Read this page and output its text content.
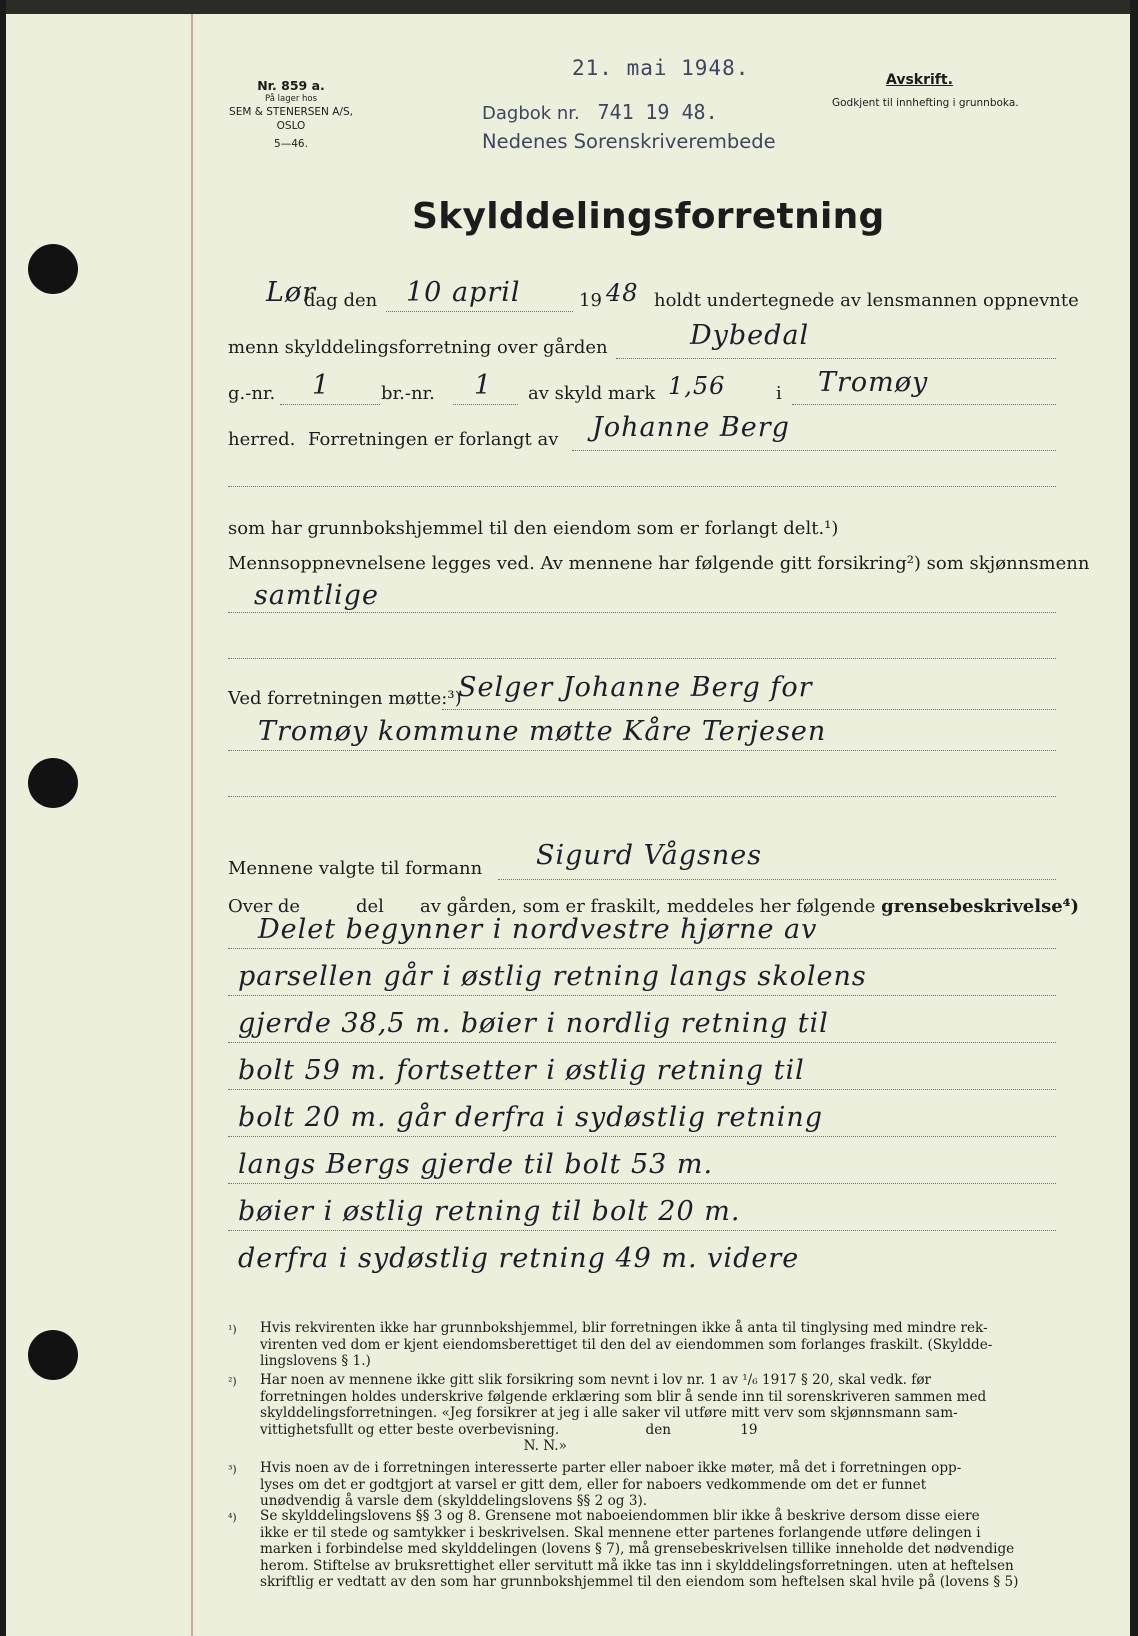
Nr. 859 a.
På lager hos
SEM & STENERSEN A/S, OSLO
5—46.
21. mai 1948.
Dagbok nr. 741 19 48.
Nedenes Sorenskriverembede
Avskrift.
Godkjent til innhefting i grunnboka.
Skylddelingsforretning
Lør
dag den 10 april	19 48 holdt undertegnede av lensmannen oppnevnte
menn skylddelingsforretning over gården	Dybedal
g.-nr. 1	br.-nr. 1 av skyld mark 1,56	i Tromøy
herred. Forretningen er forlangt av Johanne Berg
som har grunnbokshjemmel til den eiendom som er forlangt delt.¹)
Mennsoppnevnelsene legges ved. Av mennene har følgende gitt forsikring²) som skjønnsmenn
samtlige
Ved forretningen møtte:³)
Selger Johanne Berg for
Tromøy kommune møtte Kåre Terjesen
Mennene valgte til formann Sigurd Vågsnes
Over de	del av gården, som er fraskilt, meddeles her følgende grensebeskrivelse⁴)
Delet begynner i nordvestre hjørne av
parsellen går i østlig retning langs skolens
gjerde 38,5 m. bøier i nordlig retning til
bolt 59 m. fortsetter i østlig retning til
bolt 20 m. går derfra i sydøstlig retning
langs Bergs gjerde til bolt 53 m.
bøier i østlig retning til bolt 20 m.
derfra i sydøstlig retning 49 m. videre
¹) Hvis rekvirenten ikke har grunnbokshjemmel, blir forretningen ikke å anta til tinglysing med mindre rek-
virenten ved dom er kjent eiendomsberettiget til den del av eiendommen som forlanges fraskilt. (Skyldde-
lingslovens § 1.)
²) Har noen av mennene ikke gitt slik forsikring som nevnt i lov nr. 1 av ¹/₆ 1917 § 20, skal vedk. før
forretningen holdes underskrive følgende erklæring som blir å sende inn til sorenskriveren sammen med
skylddelingsforretningen. «Jeg forsikrer at jeg i alle saker vil utføre mitt verv som skjønnsmann sam-
vittighetsfullt og etter beste overbevisning.                    den                19
N. N.»
³) Hvis noen av de i forretningen interesserte parter eller naboer ikke møter, må det i forretningen opp-
lyses om det er godtgjort at varsel er gitt dem, eller for naboers vedkommende om det er funnet
unødvendig å varsle dem (skylddelingslovens §§ 2 og 3).
⁴) Se skylddelingslovens §§ 3 og 8. Grensene mot naboeiendommen blir ikke å beskrive dersom disse eiere
ikke er til stede og samtykker i beskrivelsen. Skal mennene etter partenes forlangende utføre delingen i
marken i forbindelse med skylddelingen (lovens § 7), må grensebeskrivelsen tillike inneholde det nødvendige
herom. Stiftelse av bruksrettighet eller servitutt må ikke tas inn i skylddelingsforretningen. uten at heftelsen
skriftlig er vedtatt av den som har grunnbokshjemmel til den eiendom som heftelsen skal hvile på (lovens § 5)
